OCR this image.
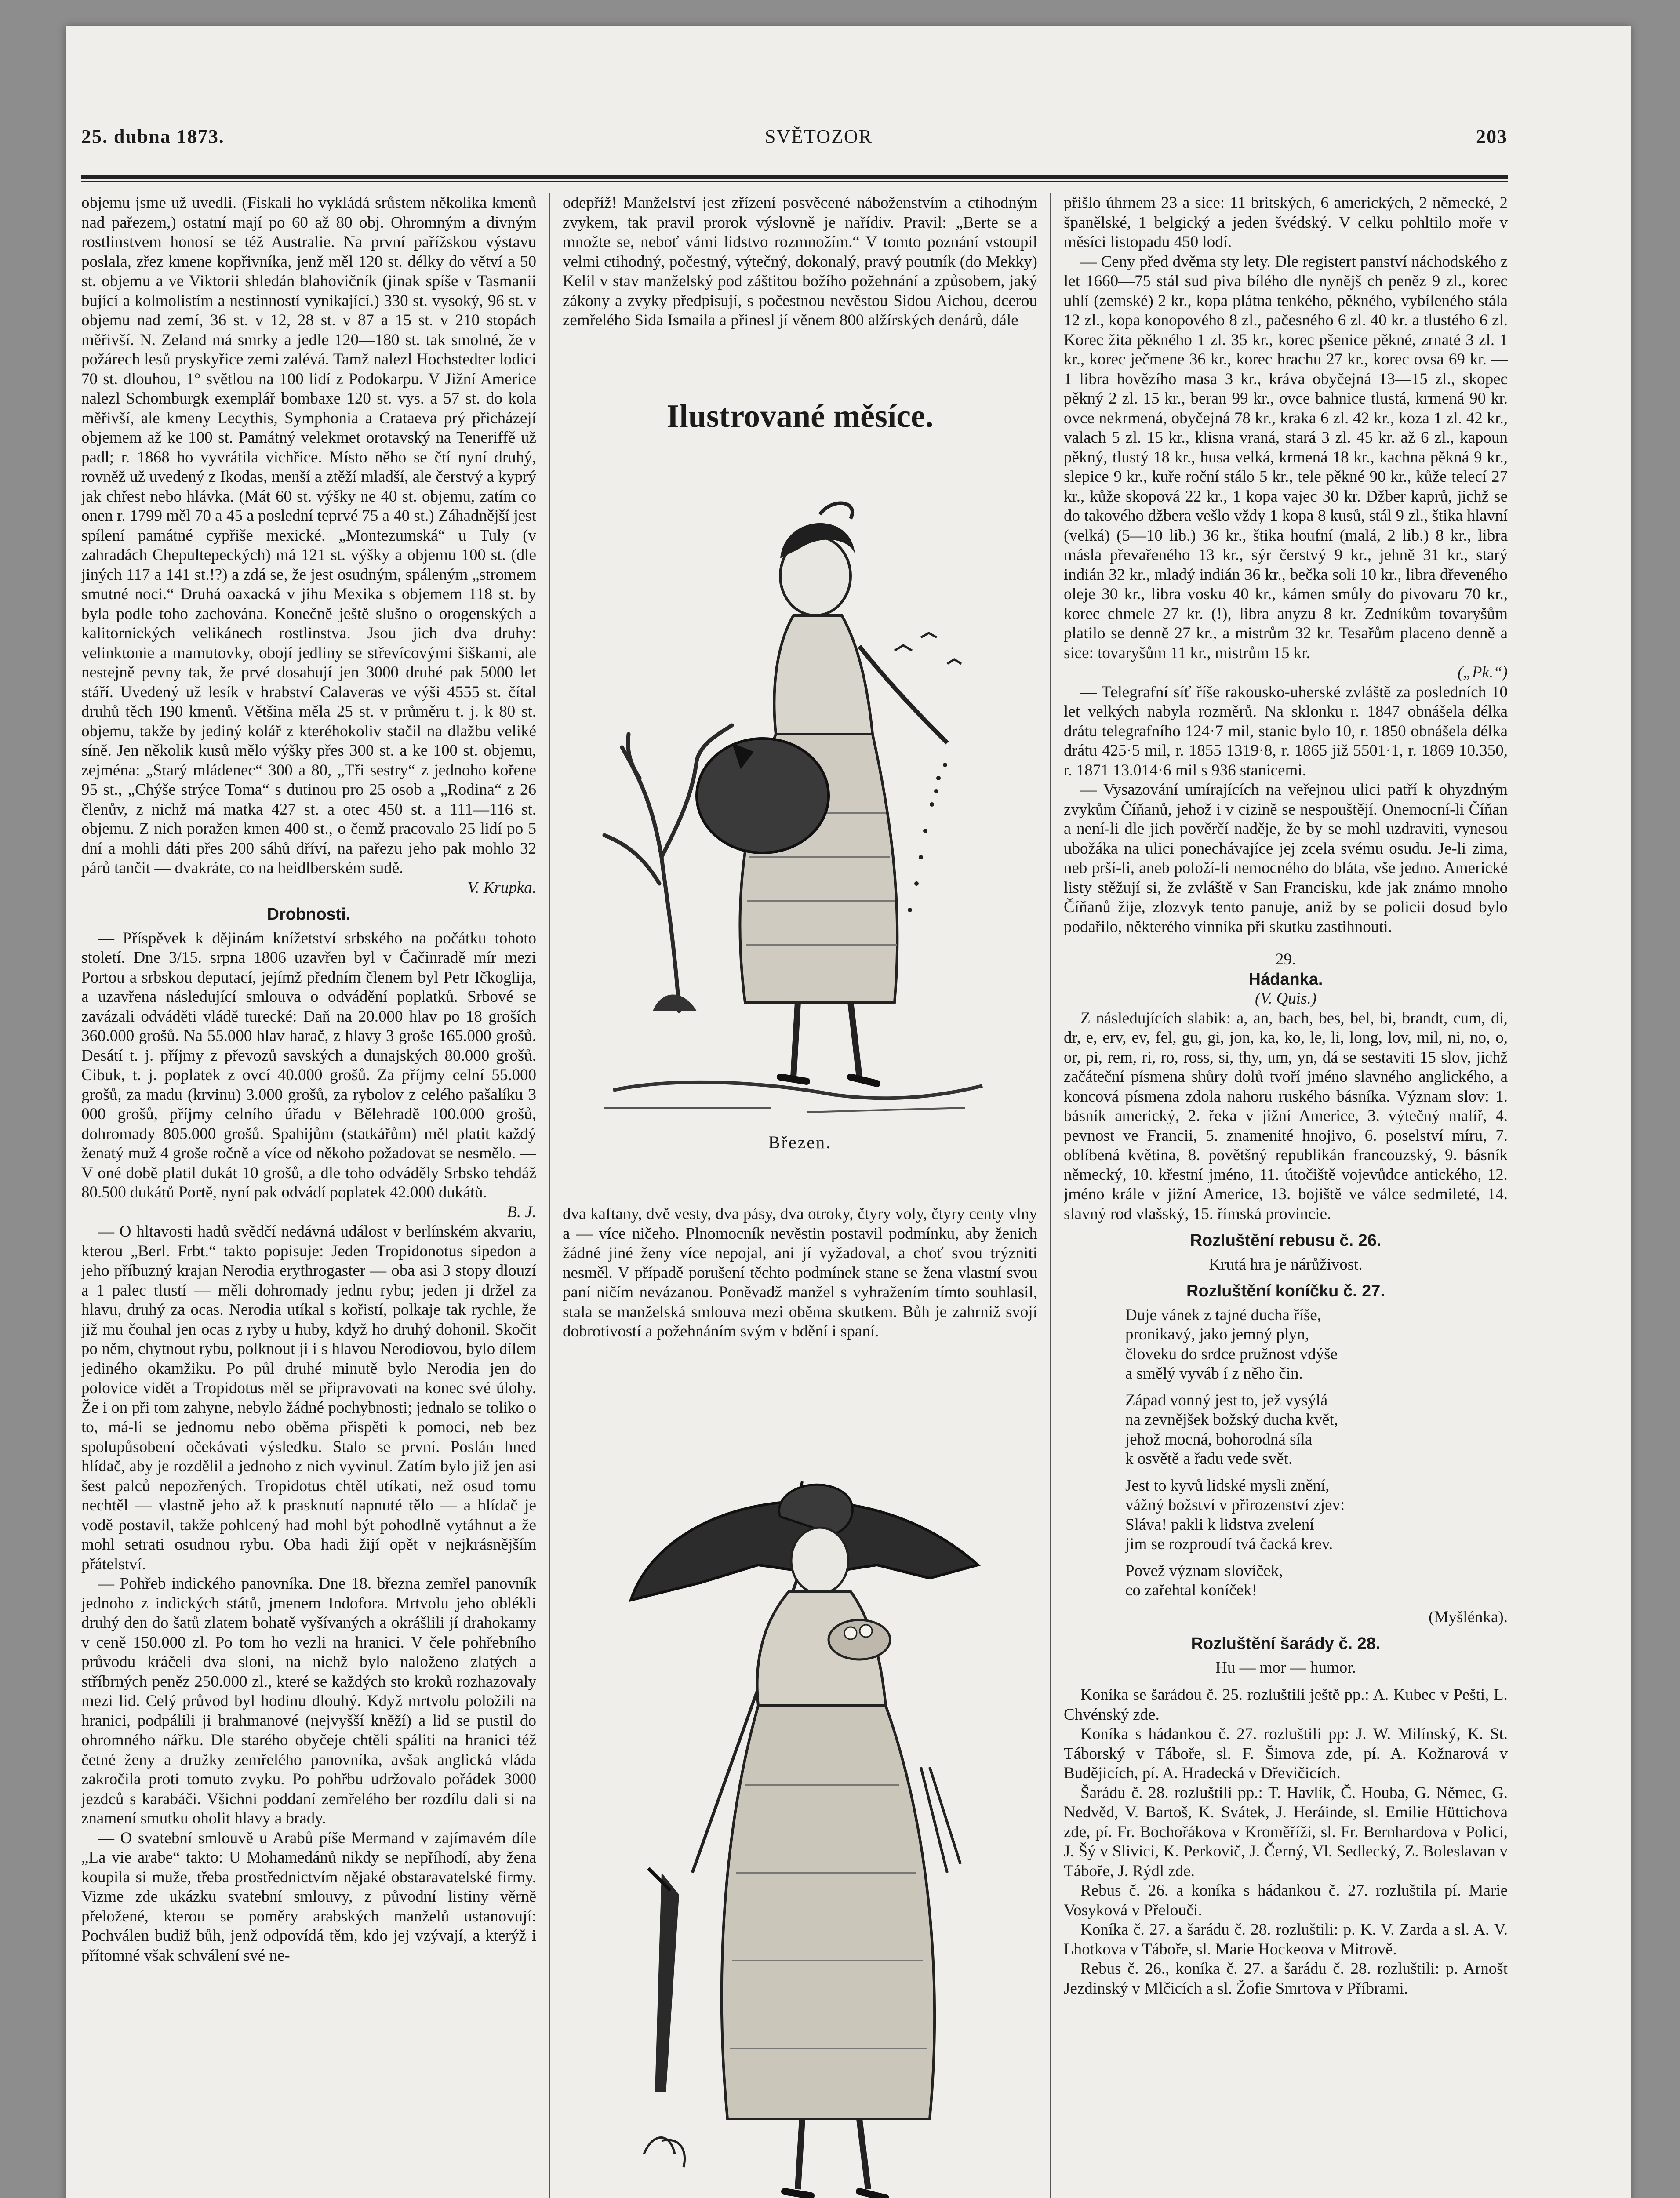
25. dubna 1873.	SVĚTOZOR	203

objemu jsme už uvedli. (Fiskali ho vykládá srůstem několika kmenů nad pařezem,) ostatní mají po 60 až 80 obj. Ohromným a divným rostlinstvem honosí se též Australie. Na první pařížskou výstavu poslala, zřez kmene kopřivníka, jenž měl 120 st. délky do větví a 50 st. objemu a ve Viktorii shledán blahovičník (jinak spíše v Tasmanii bující a kolmolistím a nestinností vynikající.) 330 st. vysoký, 96 st. v objemu nad zemí, 36 st. v 12, 28 st. v 87 a 15 st. v 210 stopách měřivší. N. Zeland má smrky a jedle 120—180 st. tak smolné, že v požárech lesů pryskyřice zemi zalévá. Tamž nalezl Hochstedter lodici 70 st. dlouhou, 1° světlou na 100 lidí z Podokarpu. V Jižní Americe nalezl Schomburgk exemplář bombaxe 120 st. vys. a 57 st. do kola měřivší, ale kmeny Lecythis, Symphonia a Crataeva prý přicházejí objemem až ke 100 st. Památný velekmet orotavský na Teneriffě už padl; r. 1868 ho vyvrátila vichřice. Místo něho se čtí nyní druhý, rovněž už uvedený z Ikodas, menší a ztěží mladší, ale čerstvý a kyprý jak chřest nebo hlávka. (Mát 60 st. výšky ne 40 st. objemu, zatím co onen r. 1799 měl 70 a 45 a poslední teprvé 75 a 40 st.) Záhadnější jest spílení památné cypřiše mexické. „Montezumská“ u Tuly (v zahradách Chepultepeckých) má 121 st. výšky a objemu 100 st. (dle jiných 117 a 141 st.!?) a zdá se, že jest osudným, spáleným „stromem smutné noci.“ Druhá oaxacká v jihu Mexika s objemem 118 st. by byla podle toho zachována. Konečně ještě slušno o orogenských a kalitornických velikánech rostlinstva. Jsou jich dva druhy: velinktonie a mamutovky, obojí jedliny se střevícovými šiškami, ale nestejně pevny tak, že prvé dosahují jen 3000 druhé pak 5000 let stáří. Uvedený už lesík v hrabství Calaveras ve výši 4555 st. čítal druhů těch 190 kmenů. Většina měla 25 st. v průměru t. j. k 80 st. objemu, takže by jediný kolář z kteréhokoliv stačil na dlažbu veliké síně. Jen několik kusů mělo výšky přes 300 st. a ke 100 st. objemu, zejména: „Starý mládenec“ 300 a 80, „Tři sestry“ z jednoho kořene 95 st., „Chýše strýce Toma“ s dutinou pro 25 osob a „Rodina“ z 26 členův, z nichž má matka 427 st. a otec 450 st. a 111—116 st. objemu. Z nich poražen kmen 400 st., o čemž pracovalo 25 lidí po 5 dní a mohli dáti přes 200 sáhů dříví, na pařezu jeho pak mohlo 32 párů tančit — dvakráte, co na heidlberském sudě.

V. Krupka.

Drobnosti.

— Příspěvek k dějinám knížetství srbského na počátku tohoto století. Dne 3/15. srpna 1806 uzavřen byl v Čačinradě mír mezi Portou a srbskou deputací, jejímž předním členem byl Petr Ičkoglija, a uzavřena následující smlouva o odvádění poplatků. Srbové se zavázali odváděti vládě turecké: Daň na 20.000 hlav po 18 groších 360.000 grošů. Na 55.000 hlav harač, z hlavy 3 groše 165.000 grošů. Desátí t. j. příjmy z převozů savských a dunajských 80.000 grošů. Cibuk, t. j. poplatek z ovcí 40.000 grošů. Za příjmy celní 55.000 grošů, za madu (krvinu) 3.000 grošů, za rybolov z celého pašalíku 3 000 grošů, příjmy celního úřadu v Bělehradě 100.000 grošů, dohromady 805.000 grošů. Spahijům (statkářům) měl platit každý ženatý muž 4 groše ročně a více od někoho požadovat se nesmělo. — V oné době platil dukát 10 grošů, a dle toho odváděly Srbsko tehdáž 80.500 dukátů Portě, nyní pak odvádí poplatek 42.000 dukátů.

B. J.

— O hltavosti hadů svědčí nedávná událost v berlínském akvariu, kterou „Berl. Frbt.“ takto popisuje: Jeden Tropidonotus sipedon a jeho příbuzný krajan Nerodia erythrogaster — oba asi 3 stopy dlouzí a 1 palec tlustí — měli dohromady jednu rybu; jeden ji držel za hlavu, druhý za ocas. Nerodia utíkal s kořistí, polkaje tak rychle, že již mu čouhal jen ocas z ryby u huby, když ho druhý dohonil. Skočit po něm, chytnout rybu, polknout ji i s hlavou Nerodiovou, bylo dílem jediného okamžiku. Po půl druhé minutě bylo Nerodia jen do polovice vidět a Tropidotus měl se připravovati na konec své úlohy. Že i on při tom zahyne, nebylo žádné pochybnosti; jednalo se toliko o to, má-li se jednomu nebo oběma přispěti k pomoci, neb bez spolupůsobení očekávati výsledku. Stalo se první. Poslán hned hlídač, aby je rozdělil a jednoho z nich vyvinul. Zatím bylo již jen asi šest palců nepozřených. Tropidotus chtěl utíkati, než osud tomu nechtěl — vlastně jeho až k prasknutí napnuté tělo — a hlídač je vodě postavil, takže pohlcený had mohl být pohodlně vytáhnut a že mohl setrati osudnou rybu. Oba hadi žijí opět v nejkrásnějším přátelství.

— Pohřeb indického panovníka. Dne 18. března zemřel panovník jednoho z indických států, jmenem Indofora. Mrtvolu jeho oblékli druhý den do šatů zlatem bohatě vyšívaných a okrášlili jí drahokamy v ceně 150.000 zl. Po tom ho vezli na hranici. V čele pohřebního průvodu kráčeli dva sloni, na nichž bylo naloženo zlatých a stříbrných peněz 250.000 zl., které se každých sto kroků rozhazovaly mezi lid. Celý průvod byl hodinu dlouhý. Když mrtvolu položili na hranici, podpálili ji brahmanové (nejvyšší kněží) a lid se pustil do ohromného nářku. Dle starého obyčeje chtěli spáliti na hranici též četné ženy a družky zemřelého panovníka, avšak anglická vláda zakročila proti tomuto zvyku. Po pohřbu udržovalo pořádek 3000 jezdců s karabáči. Všichni poddaní zemřelého ber rozdílu dali si na znamení smutku oholit hlavy a brady.

— O svatební smlouvě u Arabů píše Mermand v zajímavém díle „La vie arabe“ takto: U Mohamedánů nikdy se nepříhodí, aby žena koupila si muže, třeba prostřednictvím nějaké obstaravatelské firmy. Vizme zde ukázku svatební smlouvy, z původní listiny věrně přeložené, kterou se poměry arabských manželů ustanovují: Pochválen budiž bůh, jenž odpovídá těm, kdo jej vzývají, a kterýž i přítomné však schválení své ne-

odepříž! Manželství jest zřízení posvěcené náboženstvím a ctihodným zvykem, tak pravil prorok výslovně je nařídiv. Pravil: „Berte se a množte se, neboť vámi lidstvo rozmnožím.“ V tomto poznání vstoupil velmi ctihodný, počestný, výtečný, dokonalý, pravý poutník (do Mekky) Kelil v stav manželský pod záštitou božího požehnání a způsobem, jaký zákony a zvyky předpisují, s počestnou nevěstou Sidou Aichou, dcerou zemřelého Sida Ismaila a přinesl jí věnem 800 alžírských denárů, dále

Ilustrované měsíce.
Březen.

dva kaftany, dvě vesty, dva pásy, dva otroky, čtyry voly, čtyry centy vlny a — více ničeho. Plnomocník nevěstin postavil podmínku, aby ženich žádné jiné ženy více nepojal, ani jí vyžadoval, a choť svou trýzniti nesměl. V případě porušení těchto podmínek stane se žena vlastní svou paní ničím nevázanou. Poněvadž manžel s vyhražením tímto souhlasil, stala se manželská smlouva mezi oběma skutkem. Bůh je zahrniž svojí dobrotivostí a požehnáním svým v bdění i spaní.

přišlo úhrnem 23 a sice: 11 britských, 6 amerických, 2 německé, 2 španělské, 1 belgický a jeden švédský. V celku pohltilo moře v měsíci listopadu 450 lodí.

— Ceny před dvěma sty lety. Dle registert panství náchodského z let 1660—75 stál sud piva bílého dle nynějš ch peněz 9 zl., korec uhlí (zemské) 2 kr., kopa plátna tenkého, pěkného, vybíleného stála 12 zl., kopa konopového 8 zl., pačesného 6 zl. 40 kr. a tlustého 6 zl. Korec žita pěkného 1 zl. 35 kr., korec pšenice pěkné, zrnaté 3 zl. 1 kr., korec ječmene 36 kr., korec hrachu 27 kr., korec ovsa 69 kr. — 1 libra hovězího masa 3 kr., kráva obyčejná 13—15 zl., skopec pěkný 2 zl. 15 kr., beran 99 kr., ovce bahnice tlustá, krmená 90 kr. ovce nekrmená, obyčejná 78 kr., kraka 6 zl. 42 kr., koza 1 zl. 42 kr., valach 5 zl. 15 kr., klisna vraná, stará 3 zl. 45 kr. až 6 zl., kapoun pěkný, tlustý 18 kr., husa velká, krmená 18 kr., kachna pěkná 9 kr., slepice 9 kr., kuře roční stálo 5 kr., tele pěkné 90 kr., kůže telecí 27 kr., kůže skopová 22 kr., 1 kopa vajec 30 kr. Džber kaprů, jichž se do takového džbera vešlo vždy 1 kopa 8 kusů, stál 9 zl., štika hlavní (velká) (5—10 lib.) 36 kr., štika houfní (malá, 2 lib.) 8 kr., libra másla převařeného 13 kr., sýr čerstvý 9 kr., jehně 31 kr., starý indián 32 kr., mladý indián 36 kr., bečka soli 10 kr., libra dřeveného oleje 30 kr., libra vosku 40 kr., kámen smůly do pivovaru 70 kr., korec chmele 27 kr. (!), libra anyzu 8 kr. Zedníkům tovaryšům platilo se denně 27 kr., a mistrům 32 kr. Tesařům placeno denně a sice: tovaryšům 11 kr., mistrům 15 kr.

(„Pk.“)

— Telegrafní síť říše rakousko-uherské zvláště za posledních 10 let velkých nabyla rozměrů. Na sklonku r. 1847 obnášela délka drátu telegrafního 124·7 mil, stanic bylo 10, r. 1850 obnášela délka drátu 425·5 mil, r. 1855 1319·8, r. 1865 již 5501·1, r. 1869 10.350, r. 1871 13.014·6 mil s 936 stanicemi.

— Vysazování umírajících na veřejnou ulici patří k ohyzdným zvykům Číňanů, jehož i v cizině se nespouštějí. Onemocní-li Číňan a není-li dle jich pověrčí naděje, že by se mohl uzdraviti, vynesou ubožáka na ulici ponechávajíce jej zcela svému osudu. Je-li zima, neb prší-li, aneb položí-li nemocného do bláta, vše jedno. Americké listy stěžují si, že zvláště v San Francisku, kde jak známo mnoho Číňanů žije, zlozvyk tento panuje, aniž by se policii dosud bylo podařilo, některého vinníka při skutku zastihnouti.

29.

Hádanka.

(V. Quis.)

Z následujících slabik: a, an, bach, bes, bel, bi, brandt, cum, di, dr, e, erv, ev, fel, gu, gi, jon, ka, ko, le, li, long, lov, mil, ni, no, o, or, pi, rem, ri, ro, ross, si, thy, um, yn, dá se sestaviti 15 slov, jichž začáteční písmena shůry dolů tvoří jméno slavného anglického, a koncová písmena zdola nahoru ruského básníka. Význam slov: 1. básník americký, 2. řeka v jižní Americe, 3. výtečný malíř, 4. pevnost ve Francii, 5. znamenité hnojivo, 6. poselství míru, 7. oblíbená květina, 8. povětšný republikán francouzský, 9. básník německý, 10. křestní jméno, 11. útočiště vojevůdce antického, 12. jméno krále v jižní Americe, 13. bojiště ve válce sedmileté, 14. slavný rod vlašský, 15. římská provincie.

Rozluštění rebusu č. 26.

Krutá hra je nárůživost.

Rozluštění koníčku č. 27.

Duje vánek z tajné ducha říše,
pronikavý, jako jemný plyn,
človeku do srdce pružnost vdýše
a smělý vyváb í z něho čin.

Západ vonný jest to, jež vysýlá
na zevnějšek božský ducha květ,
jehož mocná, bohorodná síla
k osvětě a řadu vede svět.

Jest to kyvů lidské mysli znění,
vážný božství v přirozenství zjev:
Sláva! pakli k lidstva zvelení
jim se rozproudí tvá čacká krev.

Povež význam slovíček,
co zařehtal koníček!

(Myšlénka).

Rozluštění šarády č. 28.

Hu — mor — humor.

Koníka se šarádou č. 25. rozluštili ještě pp.: A. Kubec v Pešti, L. Chvénský zde.

Koníka s hádankou č. 27. rozluštili pp: J. W. Milínský, K. St. Táborský v Táboře, sl. F. Šimova zde, pí. A. Kožnarová v Budějicích, pí. A. Hradecká v Dřevičicích.

Šarádu č. 28. rozluštili pp.: T. Havlík, Č. Houba, G. Němec, G. Nedvěd, V. Bartoš, K. Svátek, J. Heráinde, sl. Emilie Hüttichova zde, pí. Fr. Bochořákova v Kroměříži, sl. Fr. Bernhardova v Polici, J. Šý v Slivici, K. Perkovič, J. Černý, Vl. Sedlecký, Z. Boleslavan v Táboře, J. Rýdl zde.

Rebus č. 26. a koníka s hádankou č. 27. rozluštila pí. Marie Vosyková v Přelouči.

Koníka č. 27. a šarádu č. 28. rozluštili: p. K. V. Zarda a sl. A. V. Lhotkova v Táboře, sl. Marie Hockeova v Mitrově.

Rebus č. 26., koníka č. 27. a šarádu č. 28. rozluštili: p. Arnošt Jezdinský v Mlčicích a sl. Žofie Smrtova v Příbrami.
